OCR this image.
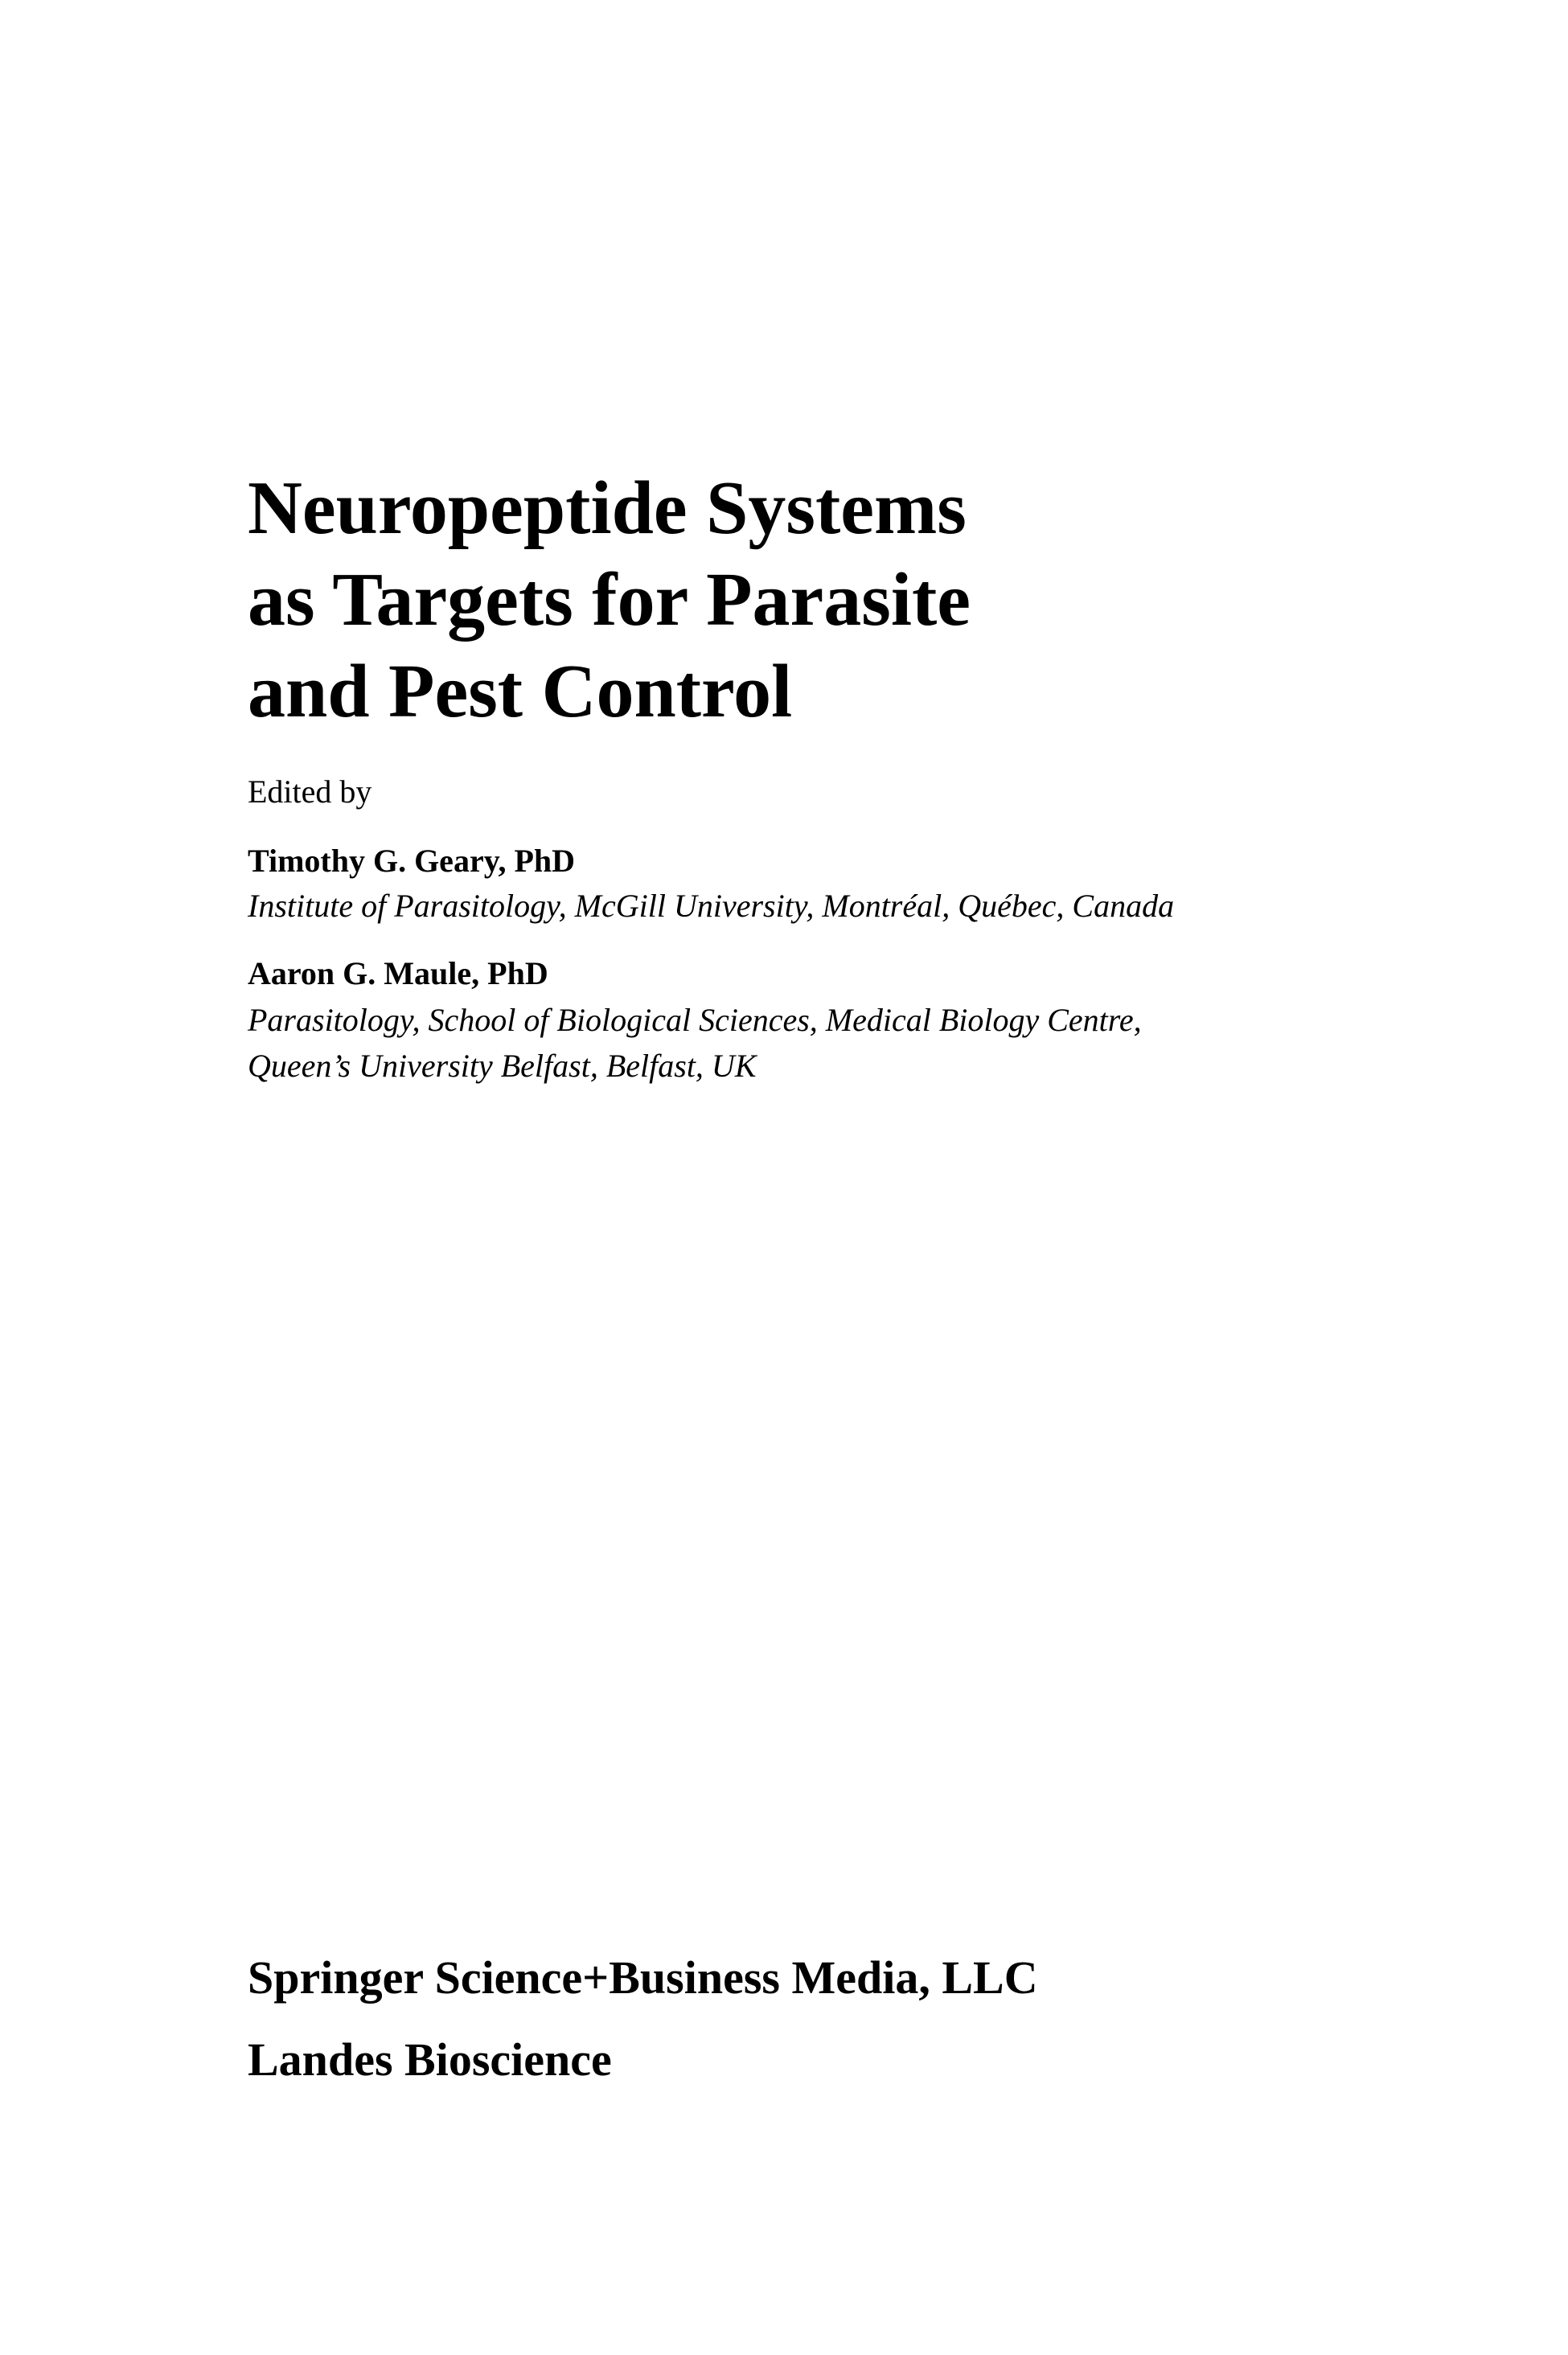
Neuropeptide Systems
as Targets for Parasite
and Pest Control
Edited by
Timothy G. Geary, PhD
Institute of Parasitology, McGill University, Montréal, Québec, Canada
Aaron G. Maule, PhD
Parasitology, School of Biological Sciences, Medical Biology Centre,
Queen’s University Belfast, Belfast, UK
Springer Science+Business Media, LLC
Landes Bioscience
